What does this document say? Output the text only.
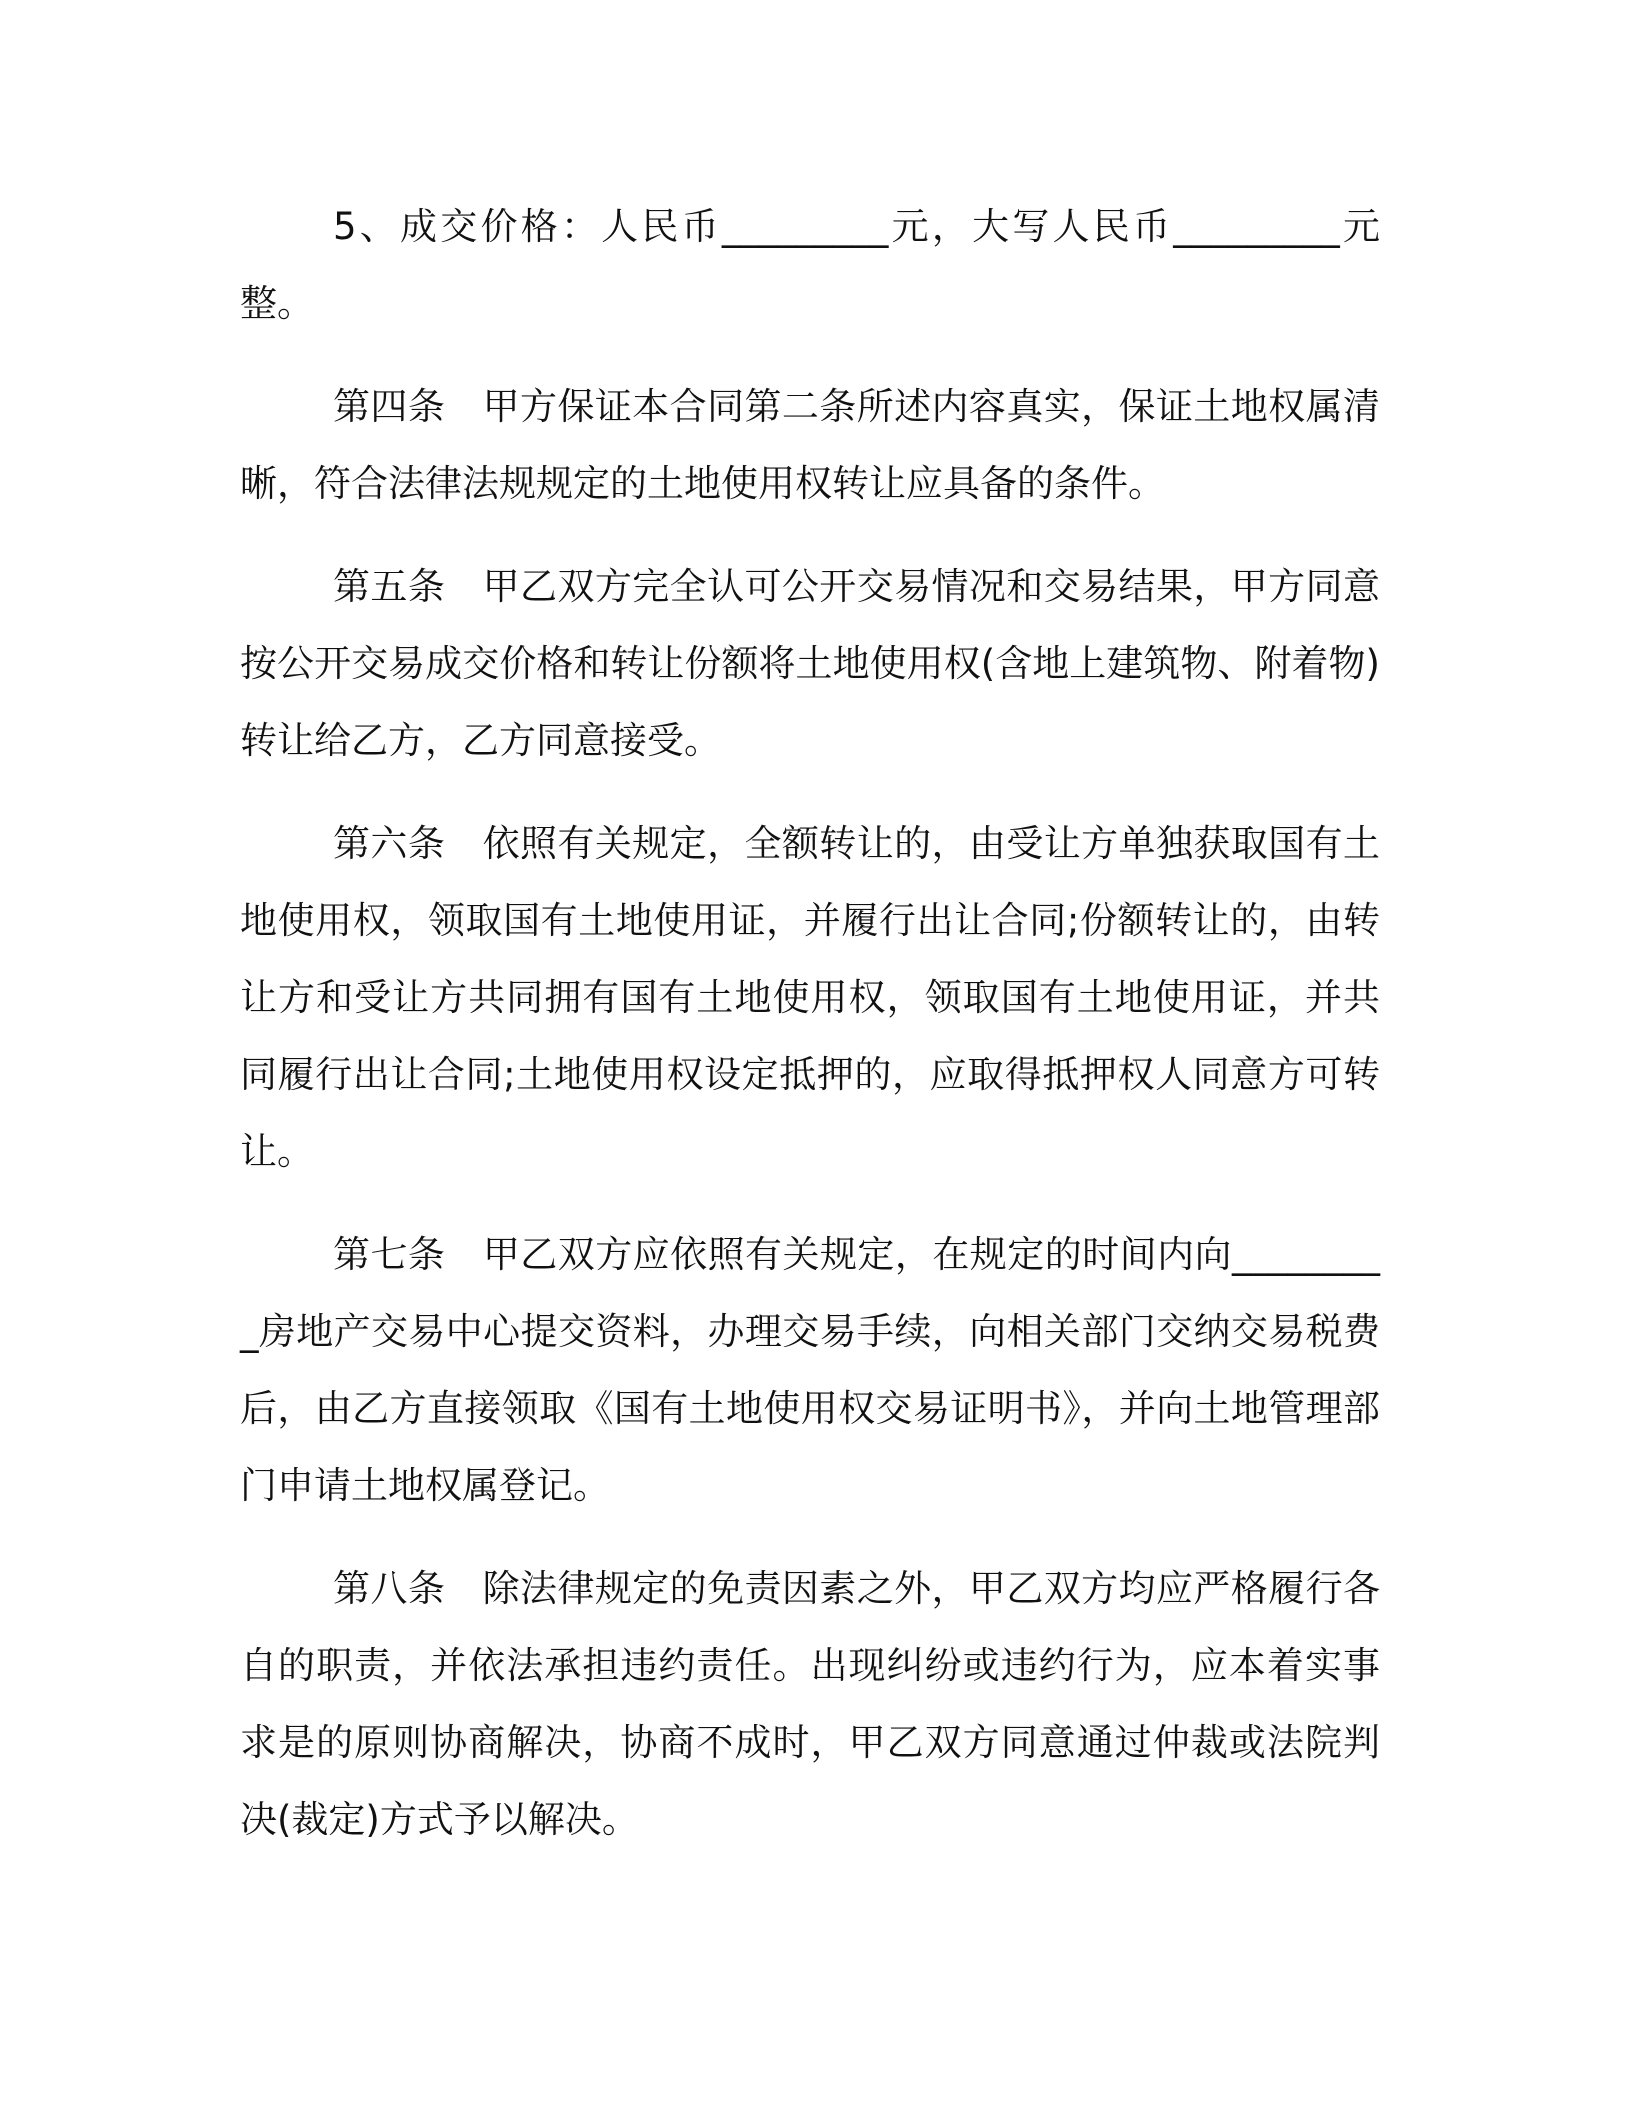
5、成交价格：人民币_________元，大写人民币_________元整。

第四条　甲方保证本合同第二条所述内容真实，保证土地权属清晰，符合法律法规规定的土地使用权转让应具备的条件。

第五条　甲乙双方完全认可公开交易情况和交易结果，甲方同意按公开交易成交价格和转让份额将土地使用权(含地上建筑物、附着物)转让给乙方，乙方同意接受。

第六条　依照有关规定，全额转让的，由受让方单独获取国有土地使用权，领取国有土地使用证，并履行出让合同;份额转让的，由转让方和受让方共同拥有国有土地使用权，领取国有土地使用证，并共同履行出让合同;土地使用权设定抵押的，应取得抵押权人同意方可转让。

第七条　甲乙双方应依照有关规定，在规定的时间内向_________房地产交易中心提交资料，办理交易手续，向相关部门交纳交易税费后，由乙方直接领取《国有土地使用权交易证明书》，并向土地管理部门申请土地权属登记。

第八条　除法律规定的免责因素之外，甲乙双方均应严格履行各自的职责，并依法承担违约责任。出现纠纷或违约行为，应本着实事求是的原则协商解决，协商不成时，甲乙双方同意通过仲裁或法院判决(裁定)方式予以解决。
